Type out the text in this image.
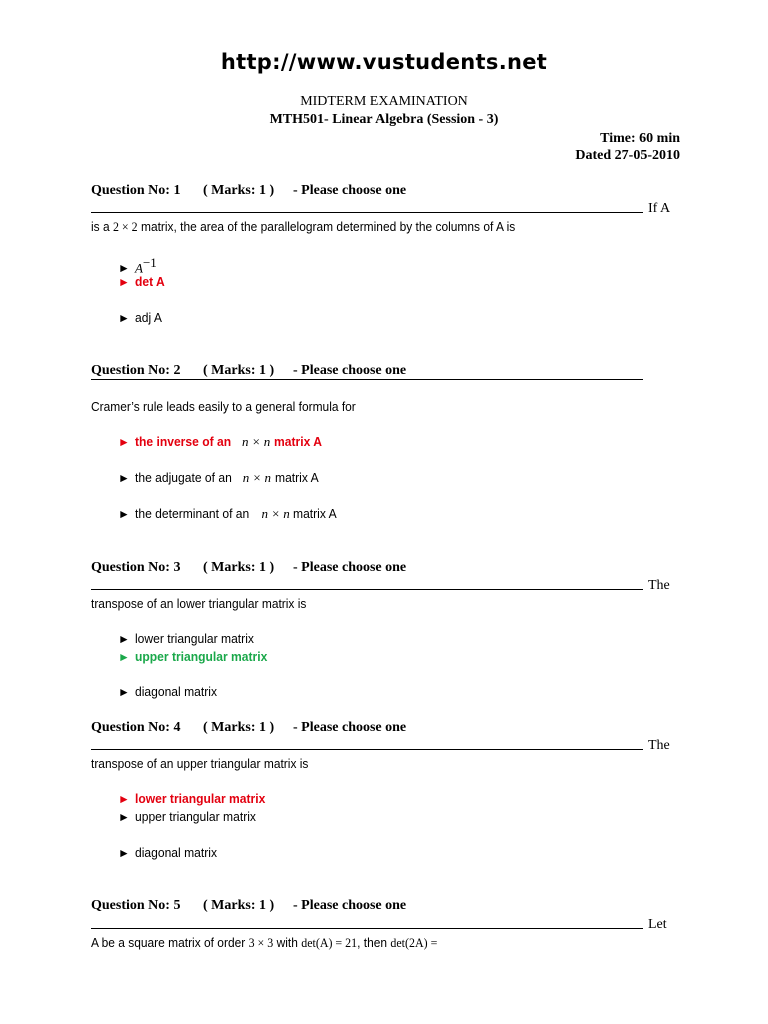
http://www.vustudents.net
MIDTERM EXAMINATION
MTH501- Linear Algebra (Session - 3)
Time: 60 min
Dated 27-05-2010
Question No: 1 ( Marks: 1 ) - Please choose one
If A
is a 2 × 2 matrix, the area of the parallelogram determined by the columns of A is
► $A^{-1}$
► det A
► adj A
Question No: 2 ( Marks: 1 ) - Please choose one
Cramer’s rule leads easily to a general formula for
► the inverse of an n × n matrix A
► the adjugate of an n × n matrix A
► the determinant of an n × n matrix A
Question No: 3 ( Marks: 1 ) - Please choose one
The
transpose of an lower triangular matrix is
► lower triangular matrix
► upper triangular matrix
► diagonal matrix
Question No: 4 ( Marks: 1 ) - Please choose one
The
transpose of an upper triangular matrix is
► lower triangular matrix
► upper triangular matrix
► diagonal matrix
Question No: 5 ( Marks: 1 ) - Please choose one
Let
A be a square matrix of order 3 × 3 with det(A) = 21, then det(2A) =
